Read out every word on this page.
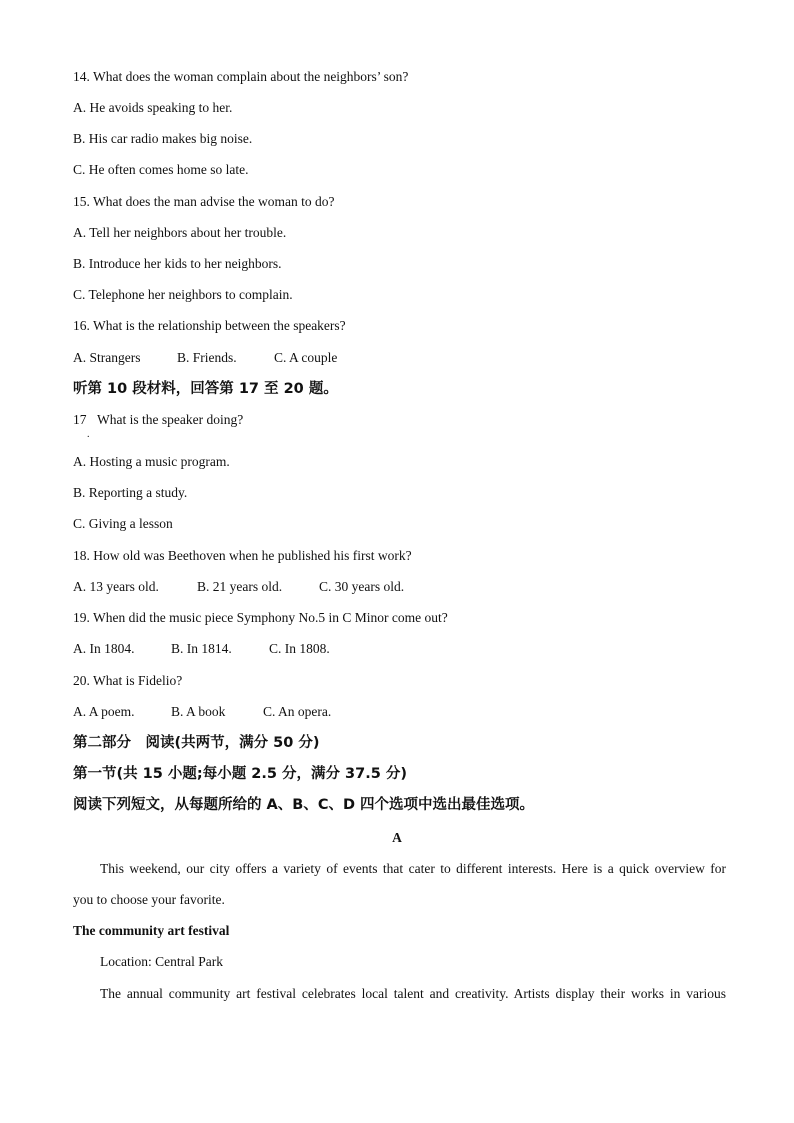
14. What does the woman complain about the neighbors’ son?
A. He avoids speaking to her.
B. His car radio makes big noise.
C. He often comes home so late.
15. What does the man advise the woman to do?
A. Tell her neighbors about her trouble.
B. Introduce her kids to her neighbors.
C. Telephone her neighbors to complain.
16. What is the relationship between the speakers?
A. Strangers	B. Friends.	C. A couple
听第 10 段材料，回答第 17 至 20 题。
17 What is the speaker doing?
.
A. Hosting a music program.
B. Reporting a study.
C. Giving a lesson
18. How old was Beethoven when he published his first work?
A. 13 years old.	B. 21 years old.	C. 30 years old.
19. When did the music piece Symphony No.5 in C Minor come out?
A. In 1804.	B. In 1814.	C. In 1808.
20. What is Fidelio?
A. A poem.	B. A book	C. An opera.
第二部分　阅读(共两节，满分 50 分)
第一节(共 15 小题;每小题 2.5 分，满分 37.5 分)
阅读下列短文，从每题所给的 A、B、C、D 四个选项中选出最佳选项。
A
This weekend, our city offers a variety of events that cater to different interests. Here is a quick overview for
you to choose your favorite.
The community art festival
Location: Central Park
The annual community art festival celebrates local talent and creativity. Artists display their works in various
